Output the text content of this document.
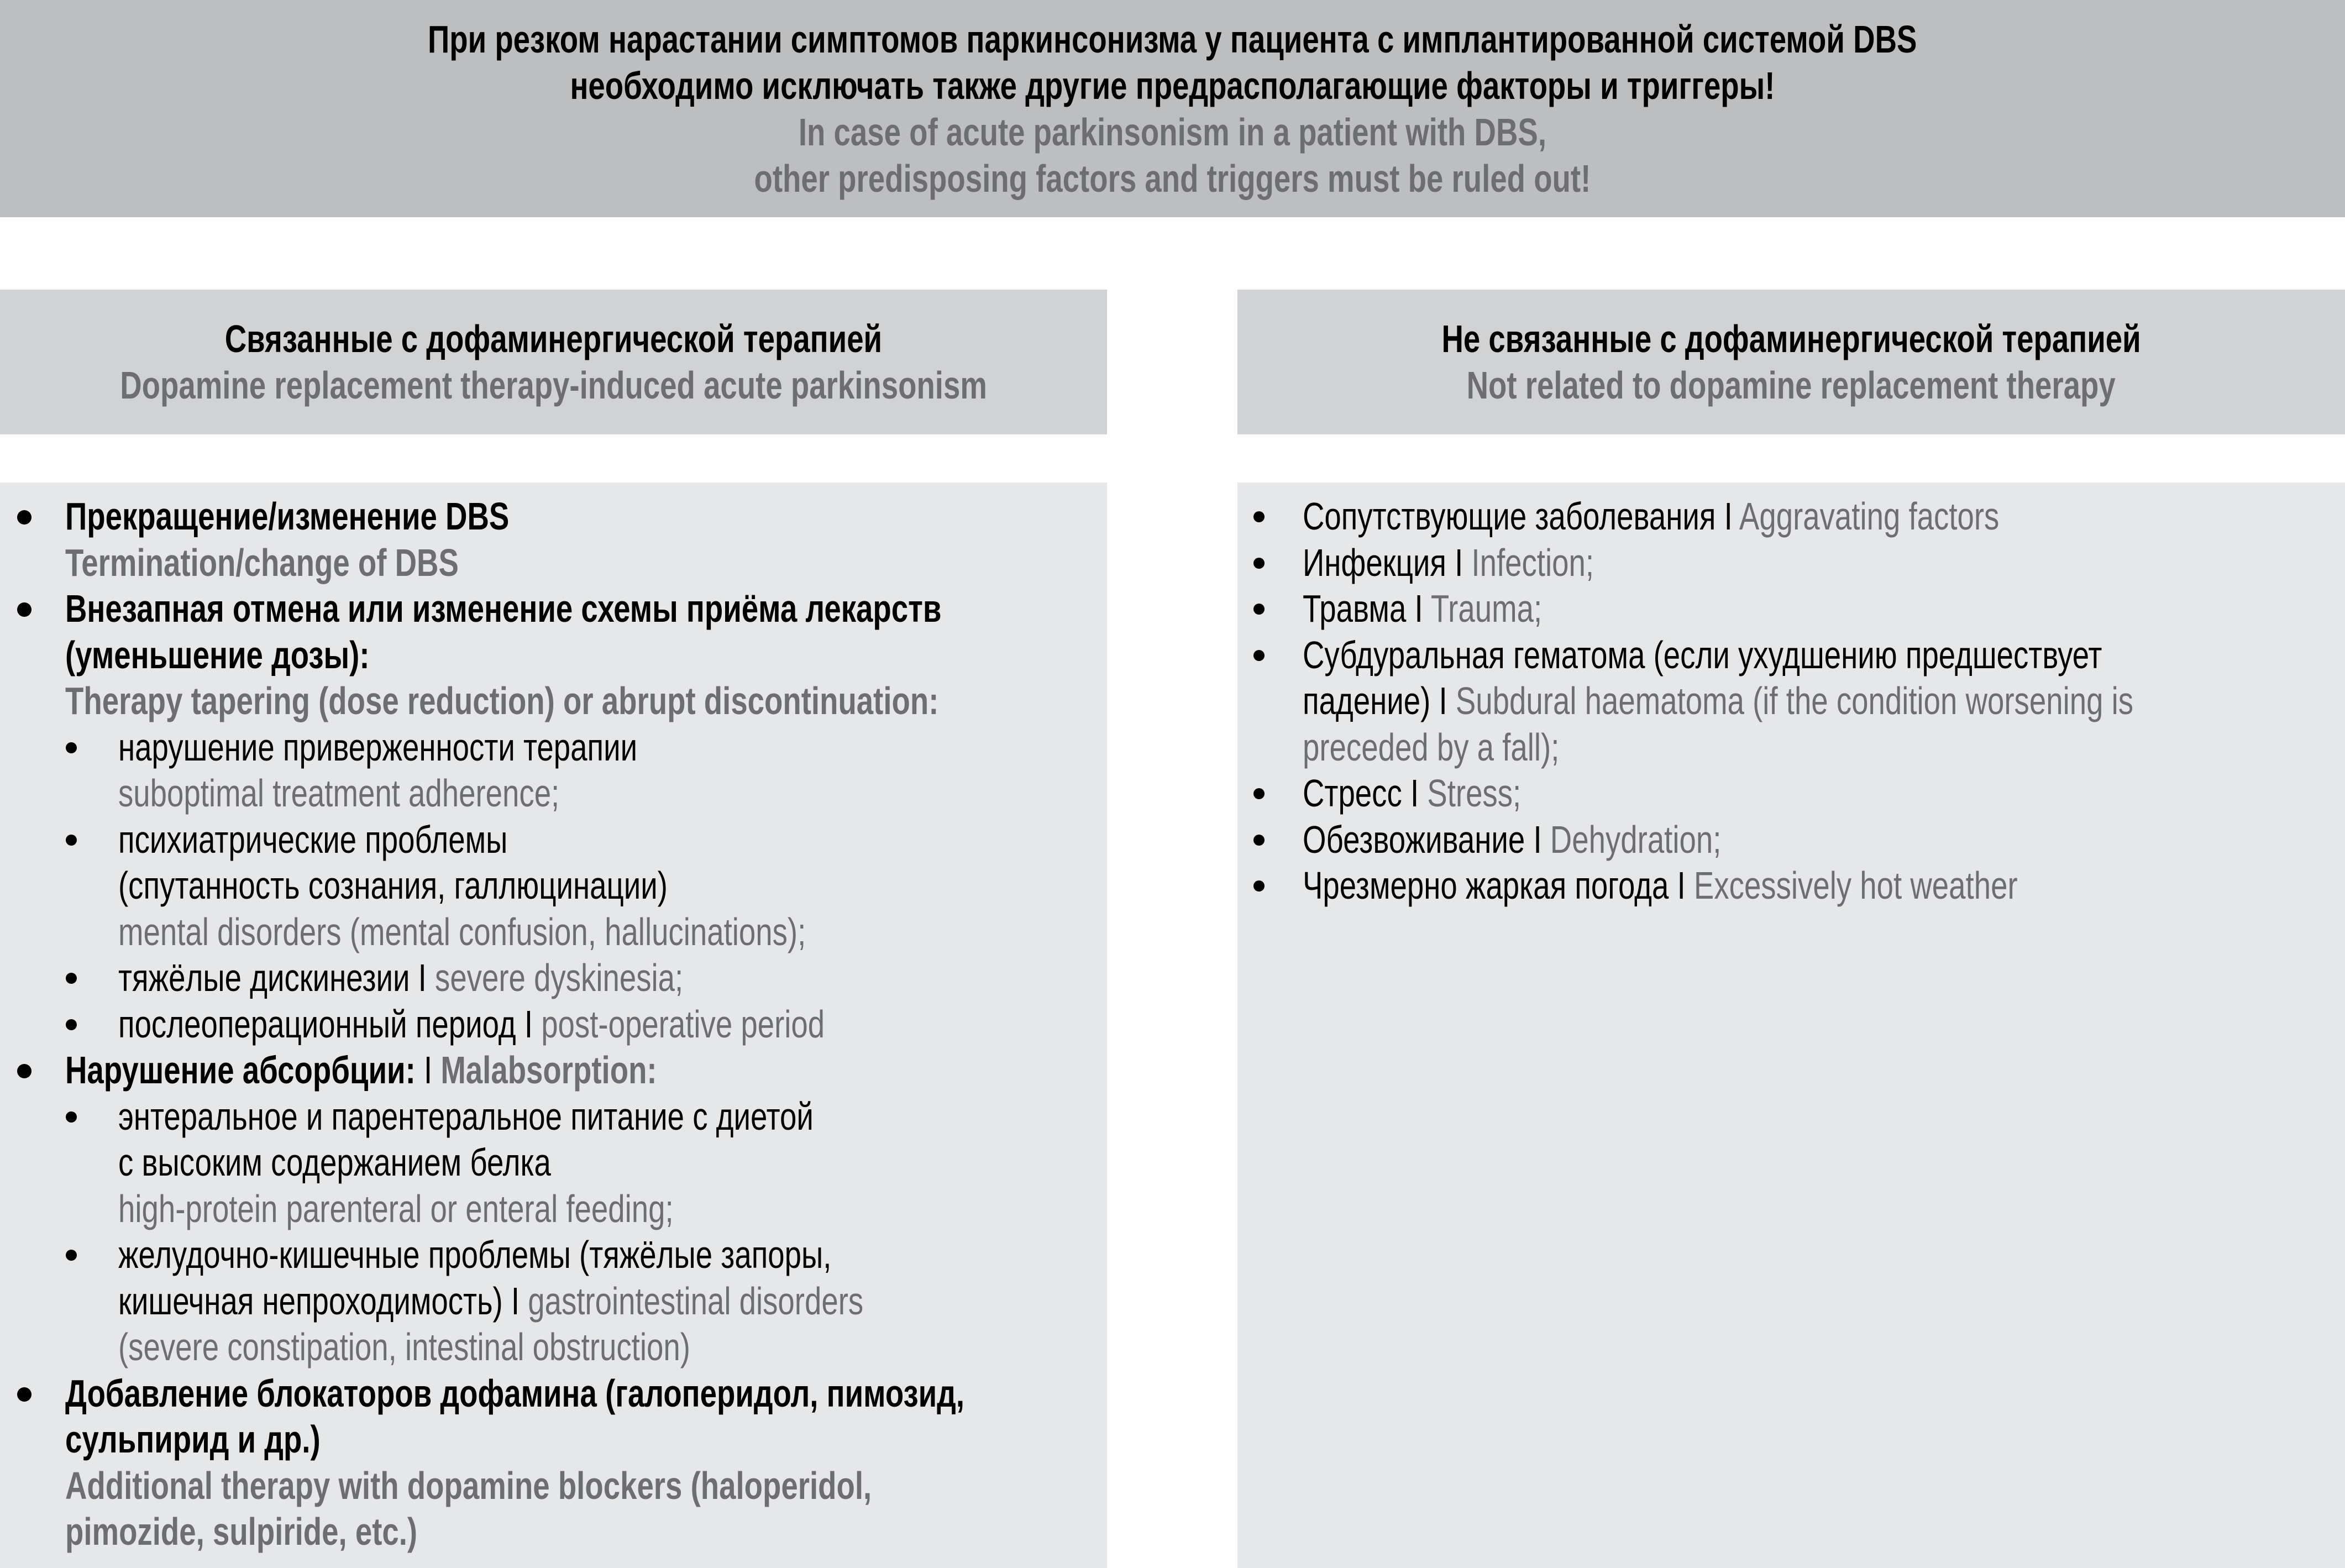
При резком нарастании симптомов паркинсонизма у пациента с имплантированной системой DBS
необходимо исключать также другие предрасполагающие факторы и триггеры!
In case of acute parkinsonism in a patient with DBS,
other predisposing factors and triggers must be ruled out!
Связанные с дофаминергической терапией
Dopamine replacement therapy-induced acute parkinsonism
Не связанные с дофаминергической терапией
Not related to dopamine replacement therapy
Прекращение/изменение DBS
Termination/change of DBS
Внезапная отмена или изменение схемы приёма лекарств
(уменьшение дозы):
Therapy tapering (dose reduction) or abrupt discontinuation:
нарушение приверженности терапии
suboptimal treatment adherence;
психиатрические проблемы
(спутанность сознания, галлюцинации)
mental disorders (mental confusion, hallucinations);
тяжёлые дискинезии I severe dyskinesia;
послеоперационный период I post-operative period
Нарушение абсорбции: I Malabsorption:
энтеральное и парентеральное питание с диетой
с высоким содержанием белка
high-protein parenteral or enteral feeding;
желудочно-кишечные проблемы (тяжёлые запоры,
кишечная непроходимость) I gastrointestinal disorders
(severe constipation, intestinal obstruction)
Добавление блокаторов дофамина (галоперидол, пимозид,
сульпирид и др.)
Additional therapy with dopamine blockers (haloperidol,
pimozide, sulpiride, etc.)
Сопутствующие заболевания I Aggravating factors
Инфекция I Infection;
Травма I Trauma;
Субдуральная гематома (если ухудшению предшествует
падение) I Subdural haematoma (if the condition worsening is
preceded by a fall);
Стресс I Stress;
Обезвоживание I Dehydration;
Чрезмерно жаркая погода I Excessively hot weather
